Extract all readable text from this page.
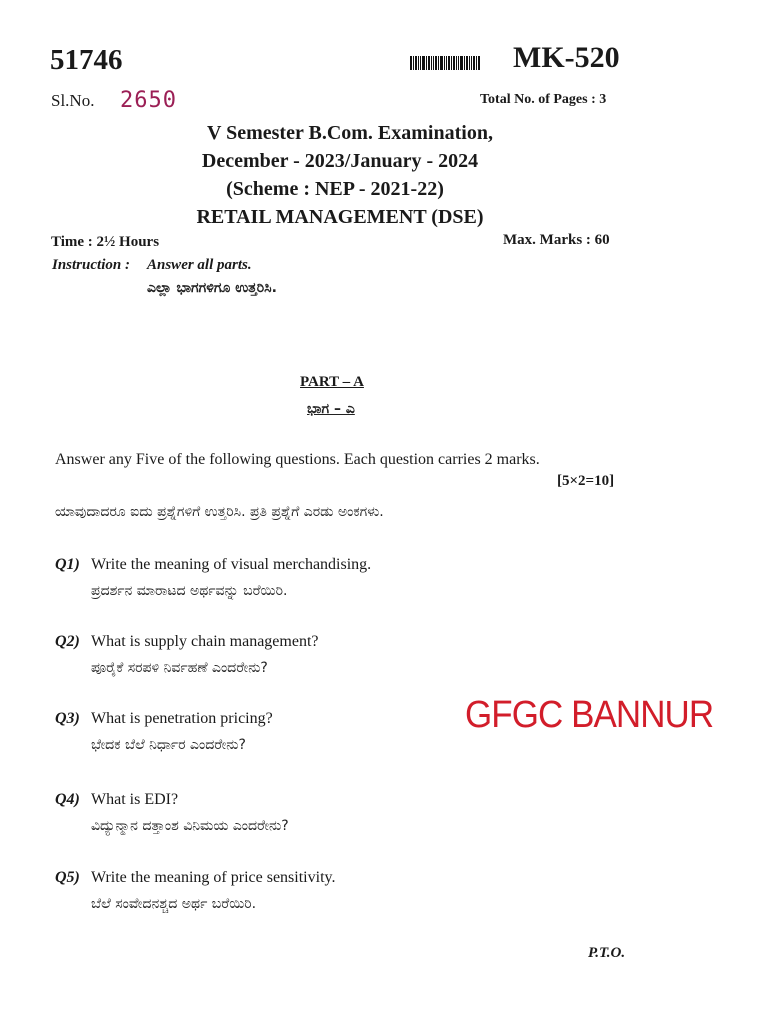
51746	MK-520
Sl.No. 2650	Total No. of Pages : 3
V Semester B.Com. Examination,
December - 2023/January - 2024
(Scheme : NEP - 2021-22)
RETAIL MANAGEMENT (DSE)
Time : 2½ Hours	Max. Marks : 60
Instruction : Answer all parts.
ಎಲ್ಲಾ ಭಾಗಗಳಿಗೂ ಉತ್ತರಿಸಿ.
PART – A
ಭಾಗ – ಎ
Answer any Five of the following questions. Each question carries 2 marks.
[5×2=10]
ಯಾವುದಾದರೂ ಐದು ಪ್ರಶ್ನೆಗಳಿಗೆ ಉತ್ತರಿಸಿ. ಪ್ರತಿ ಪ್ರಶ್ನೆಗೆ ಎರಡು ಅಂಕಗಳು.
Q1) Write the meaning of visual merchandising.
ಪ್ರದರ್ಶನ ಮಾರಾಟದ ಅರ್ಥವನ್ನು ಬರೆಯಿರಿ.
Q2) What is supply chain management?
ಪೂರೈಕೆ ಸರಪಳಿ ನಿರ್ವಹಣೆ ಎಂದರೇನು?
Q3) What is penetration pricing?
ಭೇದಕ ಬೆಲೆ ನಿರ್ಧಾರ ಎಂದರೇನು?
Q4) What is EDI?
ವಿದ್ಯುನ್ಮಾನ ದತ್ತಾಂಶ ವಿನಿಮಯ ಎಂದರೇನು?
Q5) Write the meaning of price sensitivity.
ಬೆಲೆ ಸಂವೇದನಶ್ಚದ ಅರ್ಥ ಬರೆಯಿರಿ.
GFGC BANNUR
P.T.O.
